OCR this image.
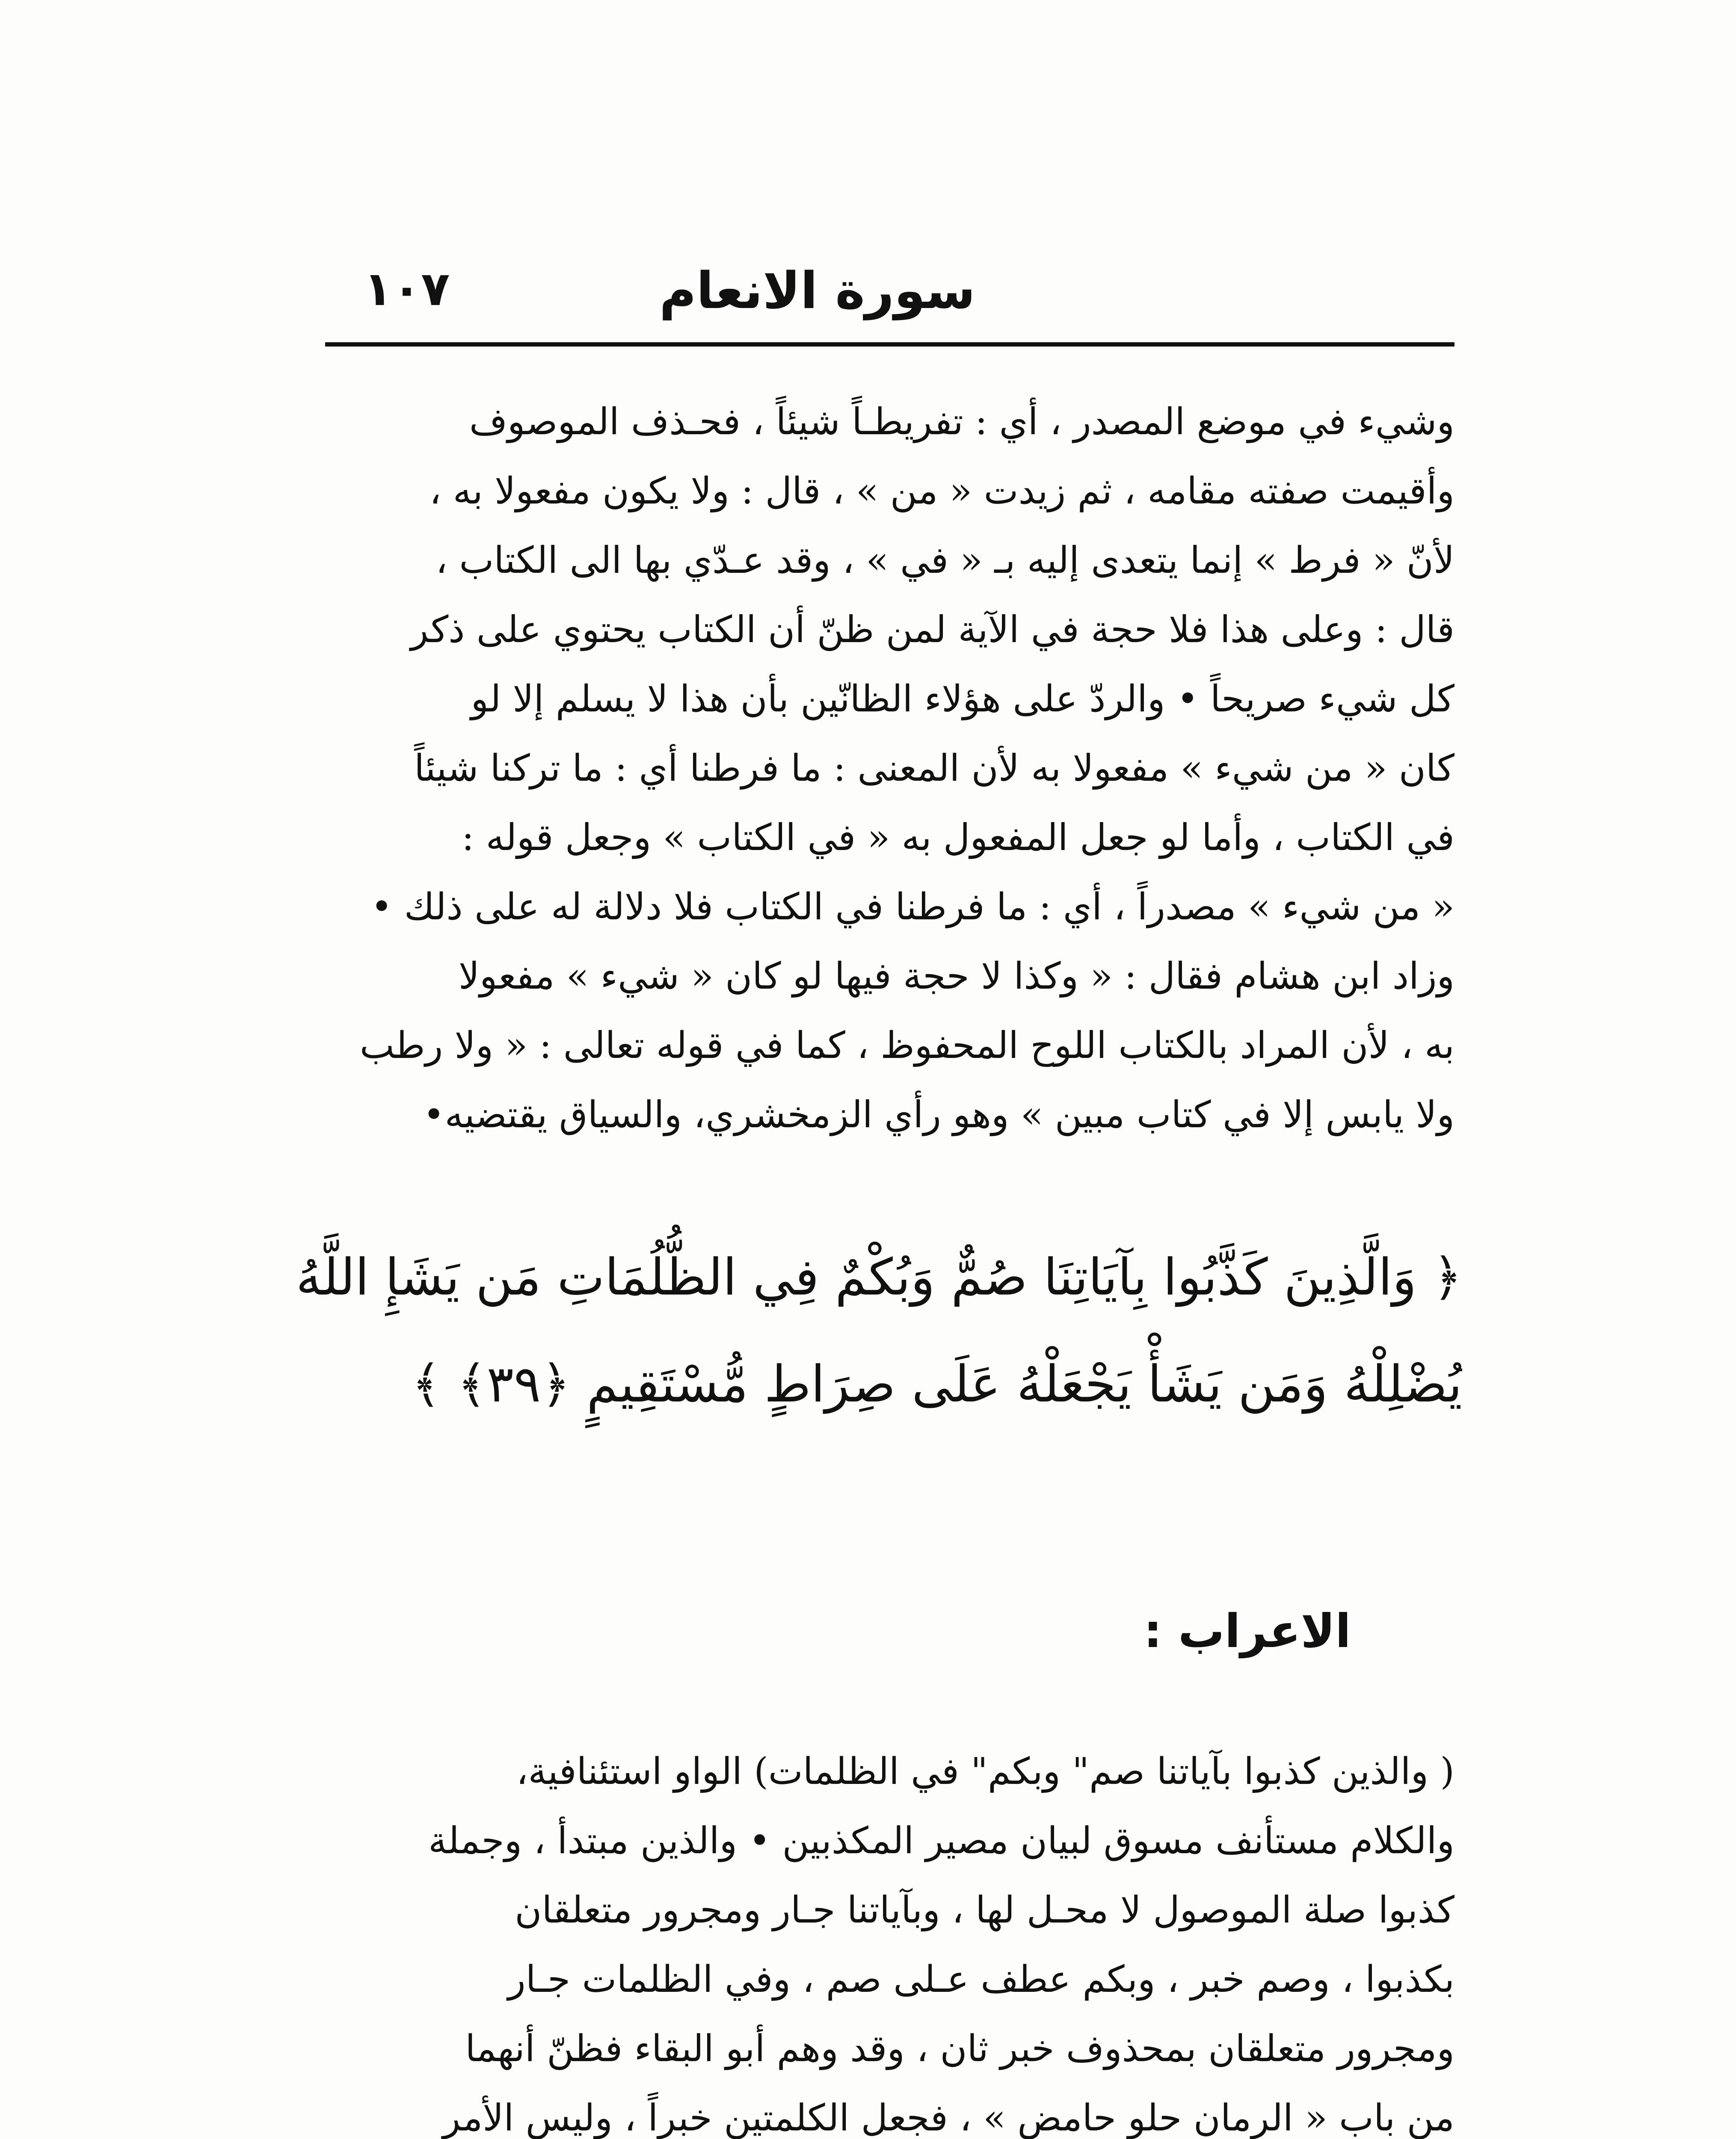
سورة الانعام
١٠٧
وشيء في موضع المصدر ، أي : تفريطـاً شيئاً ، فحـذف الموصوف
وأقيمت صفته مقامه ، ثم زيدت « من » ، قال : ولا يكون مفعولا به ،
لأنّ « فرط » إنما يتعدى إليه بـ « في » ، وقد عـدّي بها الى الكتاب ،
قال : وعلى هذا فلا حجة في الآية لمن ظنّ أن الكتاب يحتوي على ذكر
كل شيء صريحاً • والردّ على هؤلاء الظانّين بأن هذا لا يسلم إلا لو
كان « من شيء » مفعولا به لأن المعنى : ما فرطنا أي : ما تركنا شيئاً
في الكتاب ، وأما لو جعل المفعول به « في الكتاب » وجعل قوله :
« من شيء » مصدراً ، أي : ما فرطنا في الكتاب فلا دلالة له على ذلك •
وزاد ابن هشام فقال : « وكذا لا حجة فيها لو كان « شيء » مفعولا
به ، لأن المراد بالكتاب اللوح المحفوظ ، كما في قوله تعالى : « ولا رطب
ولا يابس إلا في كتاب مبين » وهو رأي الزمخشري، والسياق يقتضيه•
﴿ وَالَّذِينَ كَذَّبُوا بِآيَاتِنَا صُمٌّ وَبُكْمٌ فِي الظُّلُمَاتِ مَن يَشَإِ اللَّهُ
يُضْلِلْهُ وَمَن يَشَأْ يَجْعَلْهُ عَلَى صِرَاطٍ مُّسْتَقِيمٍ ﴿٣٩﴾ ﴾
الاعراب :
( والذين كذبوا بآياتنا صم" وبكم" في الظلمات) الواو استئنافية،
والكلام مستأنف مسوق لبيان مصير المكذبين • والذين مبتدأ ، وجملة
كذبوا صلة الموصول لا محـل لها ، وبآياتنا جـار ومجرور متعلقان
بكذبوا ، وصم خبر ، وبكم عطف عـلى صم ، وفي الظلمات جـار
ومجرور متعلقان بمحذوف خبر ثان ، وقد وهم أبو البقاء فظنّ أنهما
من باب « الرمان حلو حامض » ، فجعل الكلمتين خبراً ، وليس الأمر
